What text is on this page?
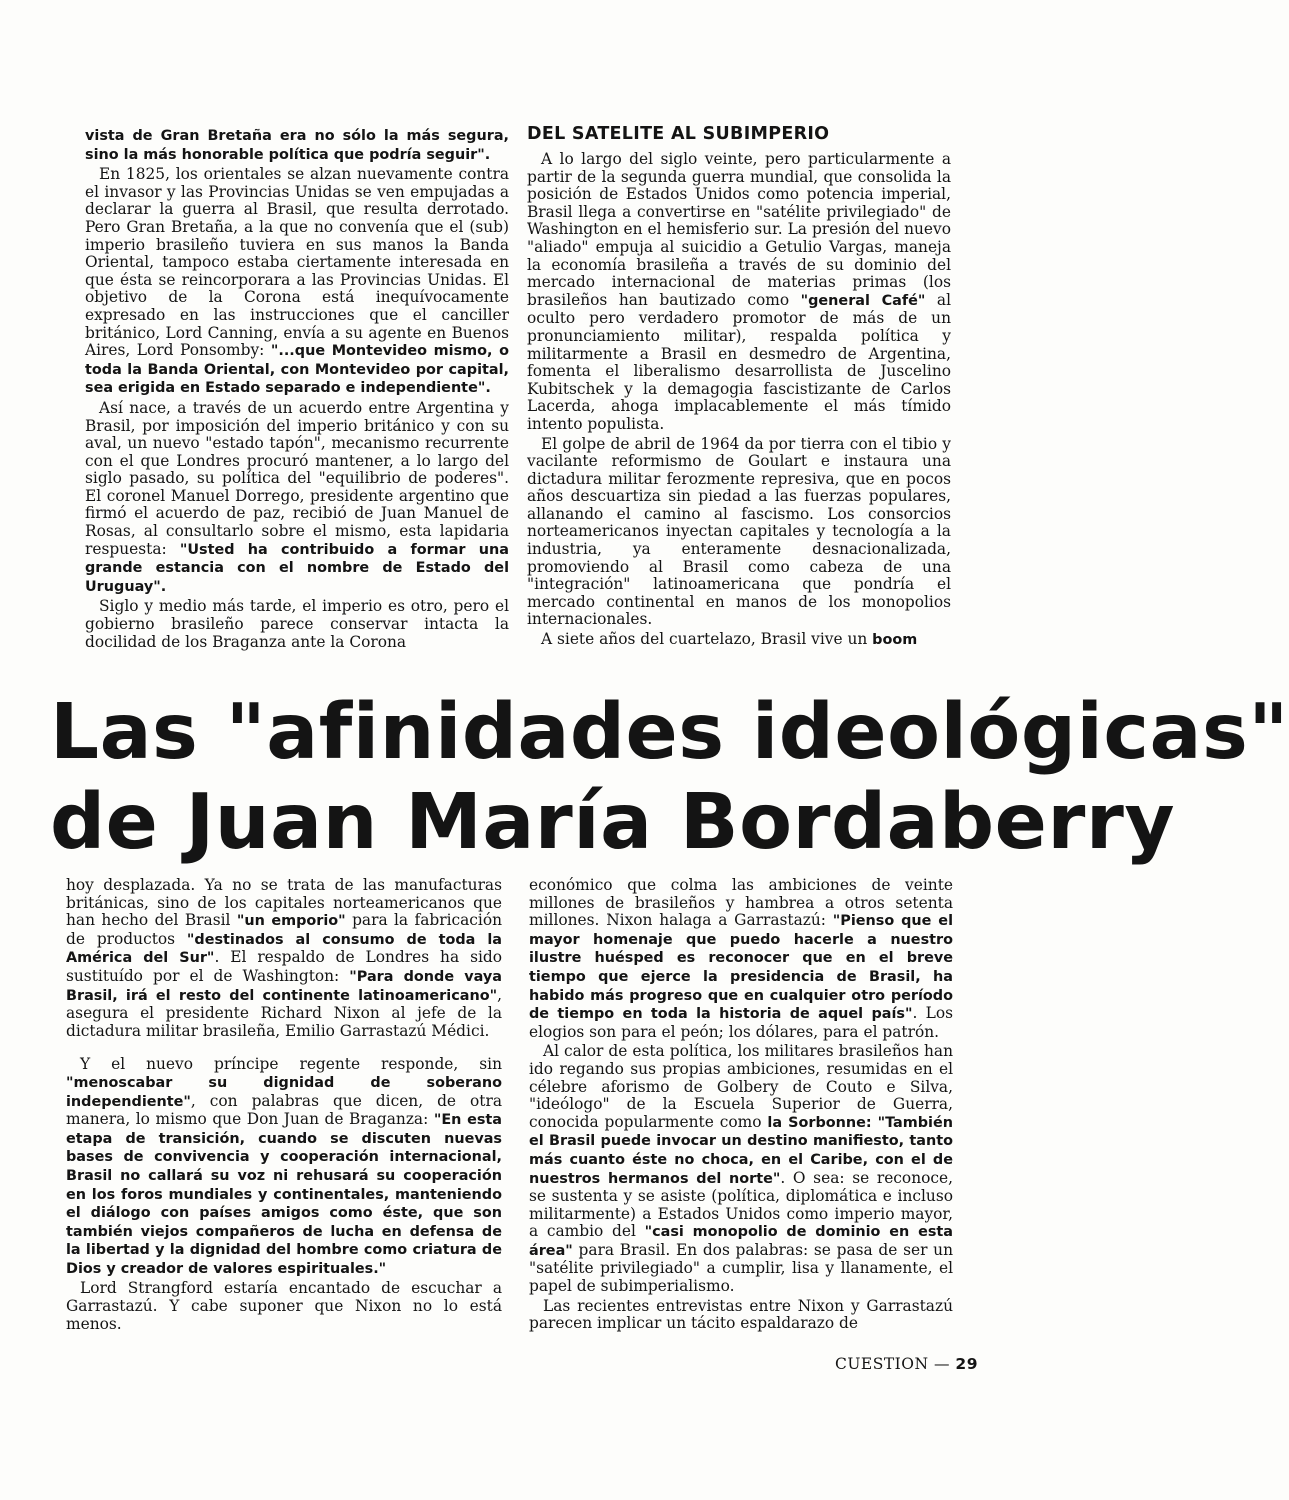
vista de Gran Bretaña era no sólo la más segura, sino la más honorable política que podría seguir".

En 1825, los orientales se alzan nuevamente contra el invasor y las Provincias Unidas se ven empujadas a declarar la guerra al Brasil, que resulta derrotado. Pero Gran Bretaña, a la que no convenía que el (sub) imperio brasileño tuviera en sus manos la Banda Oriental, tampoco estaba ciertamente interesada en que ésta se reincorporara a las Provincias Unidas. El objetivo de la Corona está inequívocamente expresado en las instrucciones que el canciller británico, Lord Canning, envía a su agente en Buenos Aires, Lord Ponsomby: "...que Montevideo mismo, o toda la Banda Oriental, con Montevideo por capital, sea erigida en Estado separado e independiente".

Así nace, a través de un acuerdo entre Argentina y Brasil, por imposición del imperio británico y con su aval, un nuevo "estado tapón", mecanismo recurrente con el que Londres procuró mantener, a lo largo del siglo pasado, su política del "equilibrio de poderes". El coronel Manuel Dorrego, presidente argentino que firmó el acuerdo de paz, recibió de Juan Manuel de Rosas, al consultarlo sobre el mismo, esta lapidaria respuesta: "Usted ha contribuido a formar una grande estancia con el nombre de Estado del Uruguay".

Siglo y medio más tarde, el imperio es otro, pero el gobierno brasileño parece conservar intacta la docilidad de los Braganza ante la Corona

DEL SATELITE AL SUBIMPERIO

A lo largo del siglo veinte, pero particularmente a partir de la segunda guerra mundial, que consolida la posición de Estados Unidos como potencia imperial, Brasil llega a convertirse en "satélite privilegiado" de Washington en el hemisferio sur. La presión del nuevo "aliado" empuja al suicidio a Getulio Vargas, maneja la economía brasileña a través de su dominio del mercado internacional de materias primas (los brasileños han bautizado como "general Café" al oculto pero verdadero promotor de más de un pronunciamiento militar), respalda política y militarmente a Brasil en desmedro de Argentina, fomenta el liberalismo desarrollista de Juscelino Kubitschek y la demagogia fascistizante de Carlos Lacerda, ahoga implacablemente el más tímido intento populista.

El golpe de abril de 1964 da por tierra con el tibio y vacilante reformismo de Goulart e instaura una dictadura militar ferozmente represiva, que en pocos años descuartiza sin piedad a las fuerzas populares, allanando el camino al fascismo. Los consorcios norteamericanos inyectan capitales y tecnología a la industria, ya enteramente desnacionalizada, promoviendo al Brasil como cabeza de una "integración" latinoamericana que pondría el mercado continental en manos de los monopolios internacionales.

A siete años del cuartelazo, Brasil vive un boom

Las "afinidades ideológicas"
de Juan María Bordaberry

hoy desplazada. Ya no se trata de las manufacturas británicas, sino de los capitales norteamericanos que han hecho del Brasil "un emporio" para la fabricación de productos "destinados al consumo de toda la América del Sur". El respaldo de Londres ha sido sustituído por el de Washington: "Para donde vaya Brasil, irá el resto del continente latinoamericano", asegura el presidente Richard Nixon al jefe de la dictadura militar brasileña, Emilio Garrastazú Médici.

Y el nuevo príncipe regente responde, sin "menoscabar su dignidad de soberano independiente", con palabras que dicen, de otra manera, lo mismo que Don Juan de Braganza: "En esta etapa de transición, cuando se discuten nuevas bases de convivencia y cooperación internacional, Brasil no callará su voz ni rehusará su cooperación en los foros mundiales y continentales, manteniendo el diálogo con países amigos como éste, que son también viejos compañeros de lucha en defensa de la libertad y la dignidad del hombre como criatura de Dios y creador de valores espirituales."

Lord Strangford estaría encantado de escuchar a Garrastazú. Y cabe suponer que Nixon no lo está menos.

económico que colma las ambiciones de veinte millones de brasileños y hambrea a otros setenta millones. Nixon halaga a Garrastazú: "Pienso que el mayor homenaje que puedo hacerle a nuestro ilustre huésped es reconocer que en el breve tiempo que ejerce la presidencia de Brasil, ha habido más progreso que en cualquier otro período de tiempo en toda la historia de aquel país". Los elogios son para el peón; los dólares, para el patrón.

Al calor de esta política, los militares brasileños han ido regando sus propias ambiciones, resumidas en el célebre aforismo de Golbery de Couto e Silva, "ideólogo" de la Escuela Superior de Guerra, conocida popularmente como la Sorbonne: "También el Brasil puede invocar un destino manifiesto, tanto más cuanto éste no choca, en el Caribe, con el de nuestros hermanos del norte". O sea: se reconoce, se sustenta y se asiste (política, diplomática e incluso militarmente) a Estados Unidos como imperio mayor, a cambio del "casi monopolio de dominio en esta área" para Brasil. En dos palabras: se pasa de ser un "satélite privilegiado" a cumplir, lisa y llanamente, el papel de subimperialismo.

Las recientes entrevistas entre Nixon y Garrastazú parecen implicar un tácito espaldarazo de

CUESTION — 29
